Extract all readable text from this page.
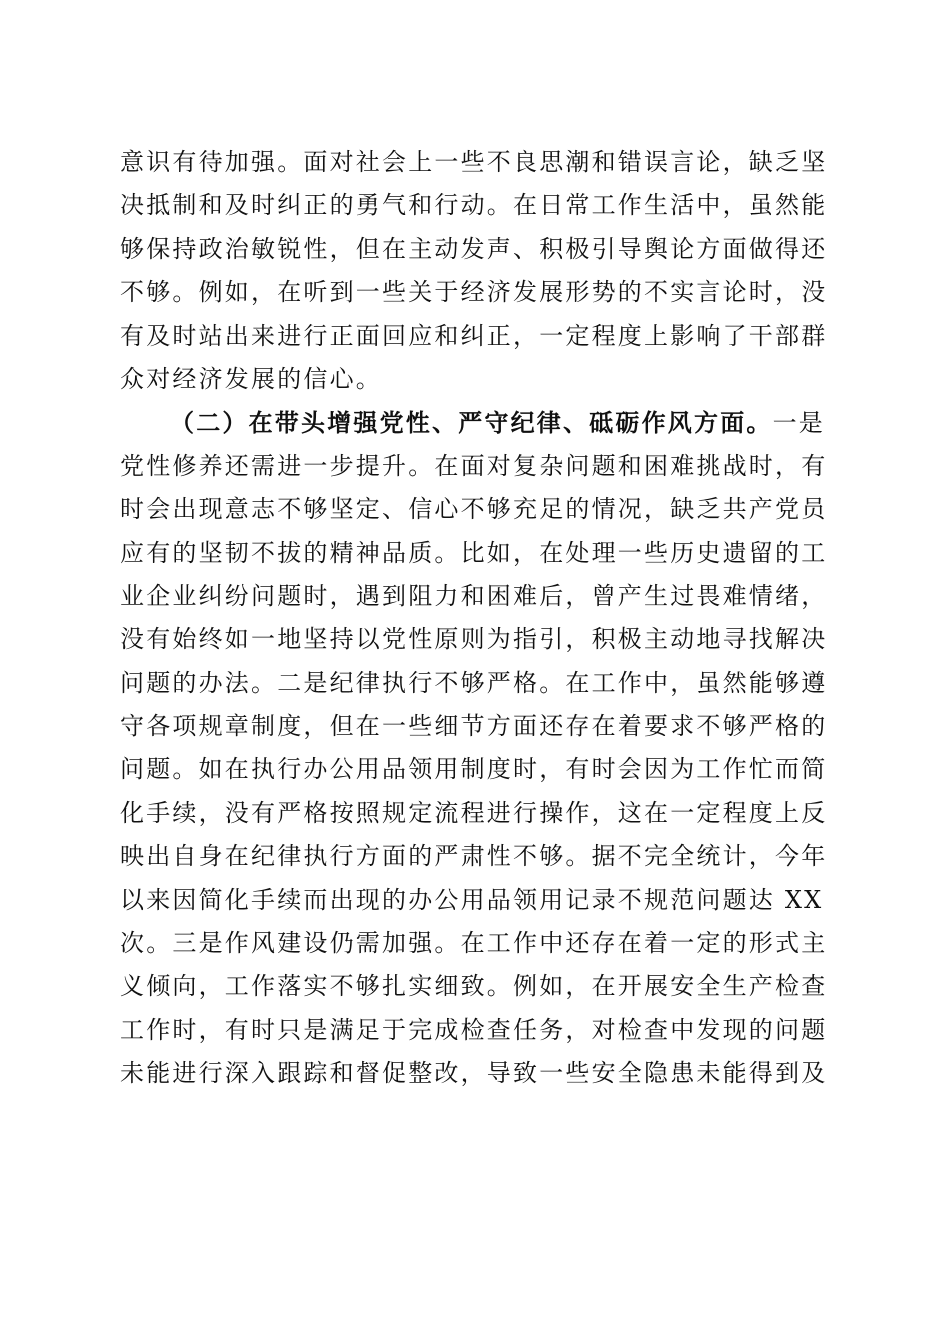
意识有待加强。面对社会上一些不良思潮和错误言论，缺乏坚
决抵制和及时纠正的勇气和行动。在日常工作生活中，虽然能
够保持政治敏锐性，但在主动发声、积极引导舆论方面做得还
不够。例如，在听到一些关于经济发展形势的不实言论时，没
有及时站出来进行正面回应和纠正，一定程度上影响了干部群
众对经济发展的信心。
（二）在带头增强党性、严守纪律、砥砺作风方面。一是
党性修养还需进一步提升。在面对复杂问题和困难挑战时，有
时会出现意志不够坚定、信心不够充足的情况，缺乏共产党员
应有的坚韧不拔的精神品质。比如，在处理一些历史遗留的工
业企业纠纷问题时，遇到阻力和困难后，曾产生过畏难情绪，
没有始终如一地坚持以党性原则为指引，积极主动地寻找解决
问题的办法。二是纪律执行不够严格。在工作中，虽然能够遵
守各项规章制度，但在一些细节方面还存在着要求不够严格的
问题。如在执行办公用品领用制度时，有时会因为工作忙而简
化手续，没有严格按照规定流程进行操作，这在一定程度上反
映出自身在纪律执行方面的严肃性不够。据不完全统计，今年
以来因简化手续而出现的办公用品领用记录不规范问题达 XX
次。三是作风建设仍需加强。在工作中还存在着一定的形式主
义倾向，工作落实不够扎实细致。例如，在开展安全生产检查
工作时，有时只是满足于完成检查任务，对检查中发现的问题
未能进行深入跟踪和督促整改，导致一些安全隐患未能得到及
